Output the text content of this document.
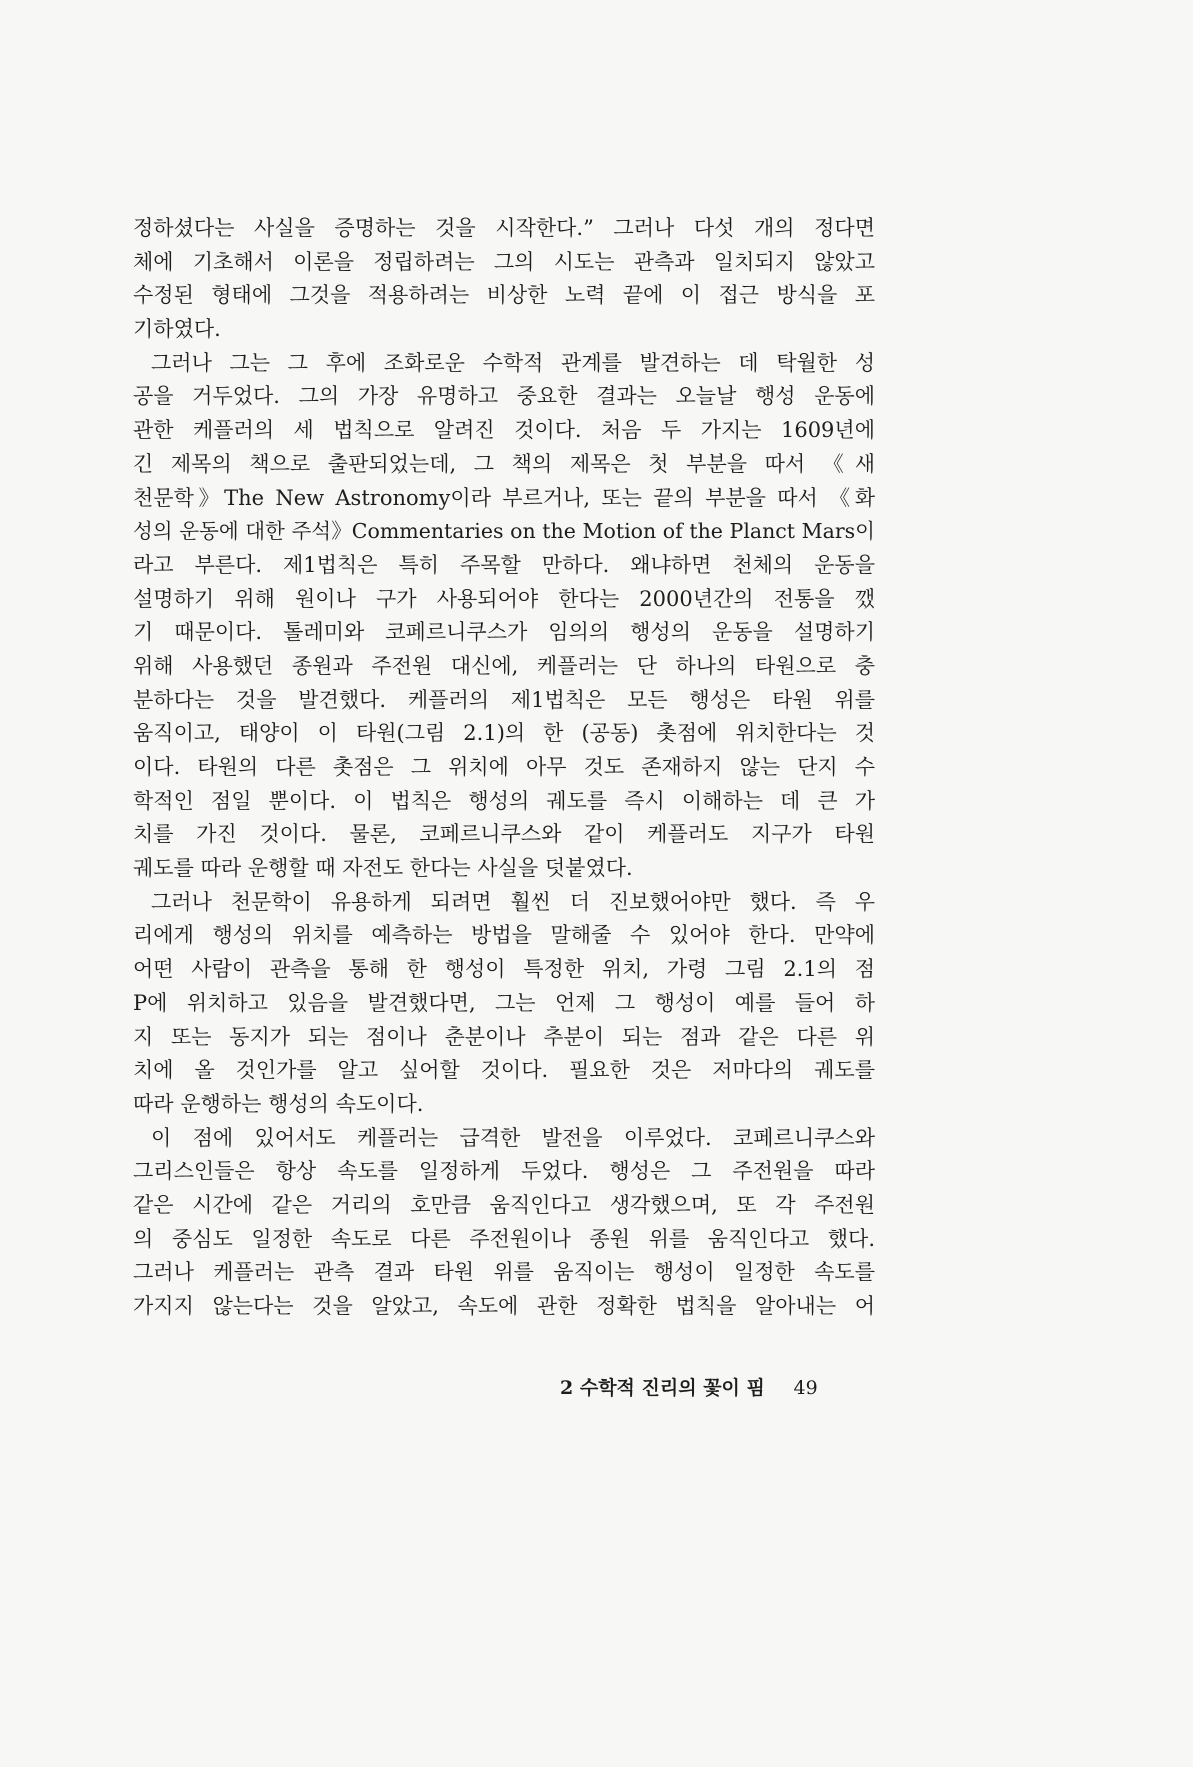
정하셨다는 사실을 증명하는 것을 시작한다.” 그러나 다섯 개의 정다면
체에 기초해서 이론을 정립하려는 그의 시도는 관측과 일치되지 않았고
수정된 형태에 그것을 적용하려는 비상한 노력 끝에 이 접근 방식을 포
기하였다.
그러나 그는 그 후에 조화로운 수학적 관계를 발견하는 데 탁월한 성
공을 거두었다. 그의 가장 유명하고 중요한 결과는 오늘날 행성 운동에
관한 케플러의 세 법칙으로 알려진 것이다. 처음 두 가지는 1609년에
긴 제목의 책으로 출판되었는데, 그 책의 제목은 첫 부분을 따서 《새
천문학》The New Astronomy이라 부르거나, 또는 끝의 부분을 따서 《화
성의 운동에 대한 주석》Commentaries on the Motion of the Planct Mars이
라고 부른다. 제1법칙은 특히 주목할 만하다. 왜냐하면 천체의 운동을
설명하기 위해 원이나 구가 사용되어야 한다는 2000년간의 전통을 깼
기 때문이다. 톨레미와 코페르니쿠스가 임의의 행성의 운동을 설명하기
위해 사용했던 종원과 주전원 대신에, 케플러는 단 하나의 타원으로 충
분하다는 것을 발견했다. 케플러의 제1법칙은 모든 행성은 타원 위를
움직이고, 태양이 이 타원(그림 2.1)의 한 (공동) 촛점에 위치한다는 것
이다. 타원의 다른 촛점은 그 위치에 아무 것도 존재하지 않는 단지 수
학적인 점일 뿐이다. 이 법칙은 행성의 궤도를 즉시 이해하는 데 큰 가
치를 가진 것이다. 물론, 코페르니쿠스와 같이 케플러도 지구가 타원
궤도를 따라 운행할 때 자전도 한다는 사실을 덧붙였다.
그러나 천문학이 유용하게 되려면 훨씬 더 진보했어야만 했다. 즉 우
리에게 행성의 위치를 예측하는 방법을 말해줄 수 있어야 한다. 만약에
어떤 사람이 관측을 통해 한 행성이 특정한 위치, 가령 그림 2.1의 점
P에 위치하고 있음을 발견했다면, 그는 언제 그 행성이 예를 들어 하
지 또는 동지가 되는 점이나 춘분이나 추분이 되는 점과 같은 다른 위
치에 올 것인가를 알고 싶어할 것이다. 필요한 것은 저마다의 궤도를
따라 운행하는 행성의 속도이다.
이 점에 있어서도 케플러는 급격한 발전을 이루었다. 코페르니쿠스와
그리스인들은 항상 속도를 일정하게 두었다. 행성은 그 주전원을 따라
같은 시간에 같은 거리의 호만큼 움직인다고 생각했으며, 또 각 주전원
의 중심도 일정한 속도로 다른 주전원이나 종원 위를 움직인다고 했다.
그러나 케플러는 관측 결과 타원 위를 움직이는 행성이 일정한 속도를
가지지 않는다는 것을 알았고, 속도에 관한 정확한 법칙을 알아내는 어
2 수학적 진리의 꽃이 핌 49
